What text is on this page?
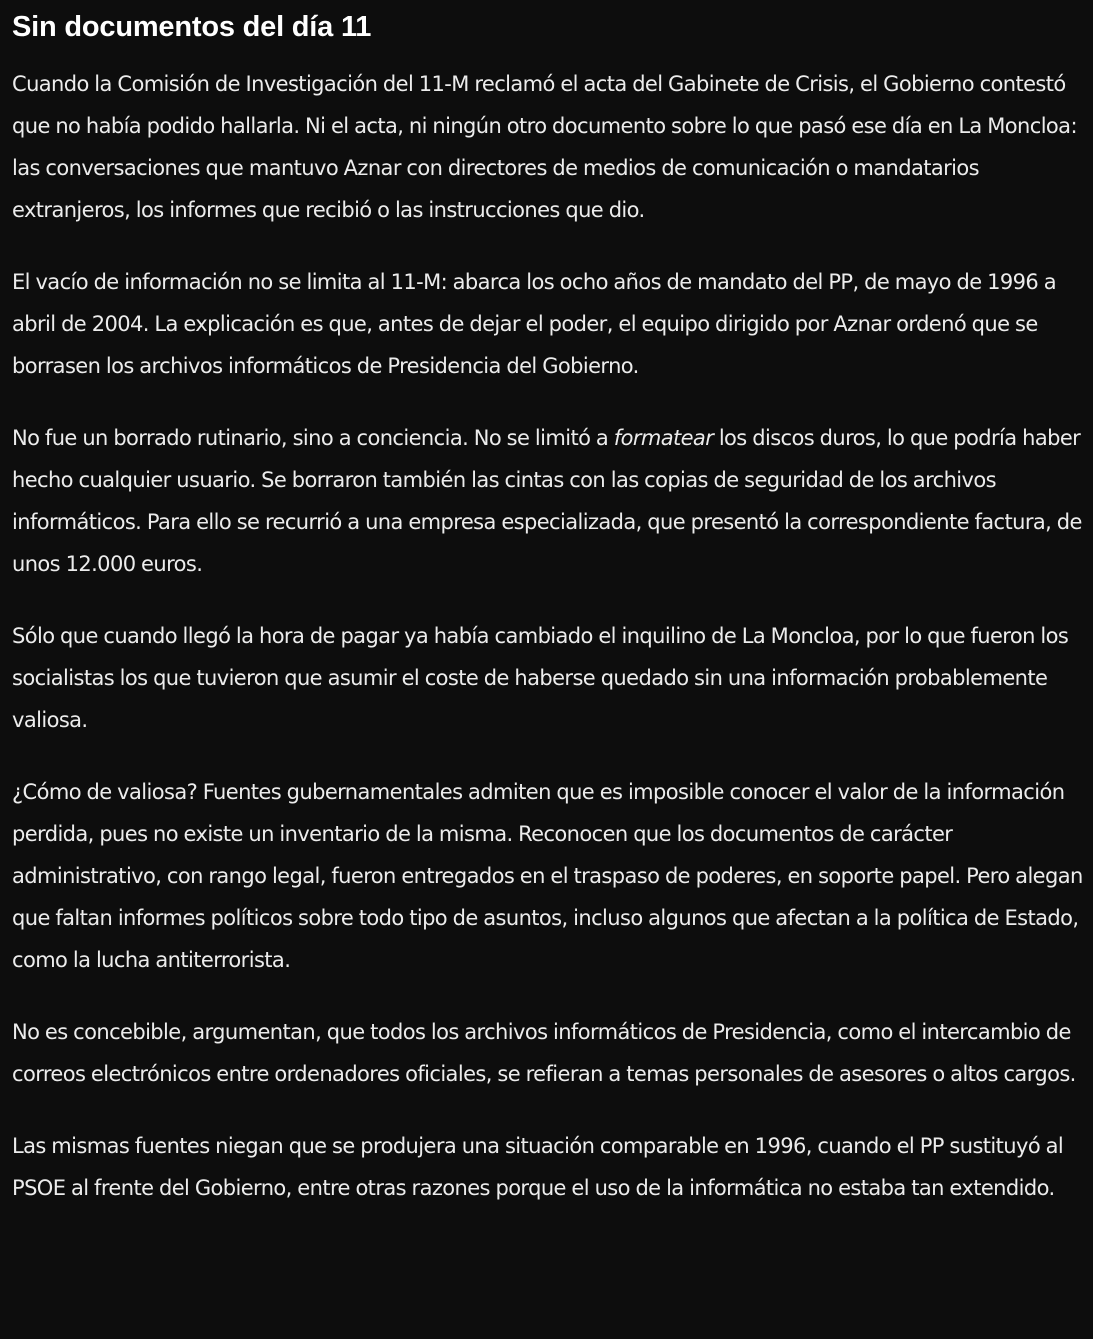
Sin documentos del día 11

Cuando la Comisión de Investigación del 11-M reclamó el acta del Gabinete de Crisis, el Gobierno contestó que no había podido hallarla. Ni el acta, ni ningún otro documento sobre lo que pasó ese día en La Moncloa: las conversaciones que mantuvo Aznar con directores de medios de comunicación o mandatarios extranjeros, los informes que recibió o las instrucciones que dio.

El vacío de información no se limita al 11-M: abarca los ocho años de mandato del PP, de mayo de 1996 a abril de 2004. La explicación es que, antes de dejar el poder, el equipo dirigido por Aznar ordenó que se borrasen los archivos informáticos de Presidencia del Gobierno.

No fue un borrado rutinario, sino a conciencia. No se limitó a formatear los discos duros, lo que podría haber hecho cualquier usuario. Se borraron también las cintas con las copias de seguridad de los archivos informáticos. Para ello se recurrió a una empresa especializada, que presentó la correspondiente factura, de unos 12.000 euros.

Sólo que cuando llegó la hora de pagar ya había cambiado el inquilino de La Moncloa, por lo que fueron los socialistas los que tuvieron que asumir el coste de haberse quedado sin una información probablemente valiosa.

¿Cómo de valiosa? Fuentes gubernamentales admiten que es imposible conocer el valor de la información perdida, pues no existe un inventario de la misma. Reconocen que los documentos de carácter administrativo, con rango legal, fueron entregados en el traspaso de poderes, en soporte papel. Pero alegan que faltan informes políticos sobre todo tipo de asuntos, incluso algunos que afectan a la política de Estado, como la lucha antiterrorista.

No es concebible, argumentan, que todos los archivos informáticos de Presidencia, como el intercambio de correos electrónicos entre ordenadores oficiales, se refieran a temas personales de asesores o altos cargos.

Las mismas fuentes niegan que se produjera una situación comparable en 1996, cuando el PP sustituyó al PSOE al frente del Gobierno, entre otras razones porque el uso de la informática no estaba tan extendido.
